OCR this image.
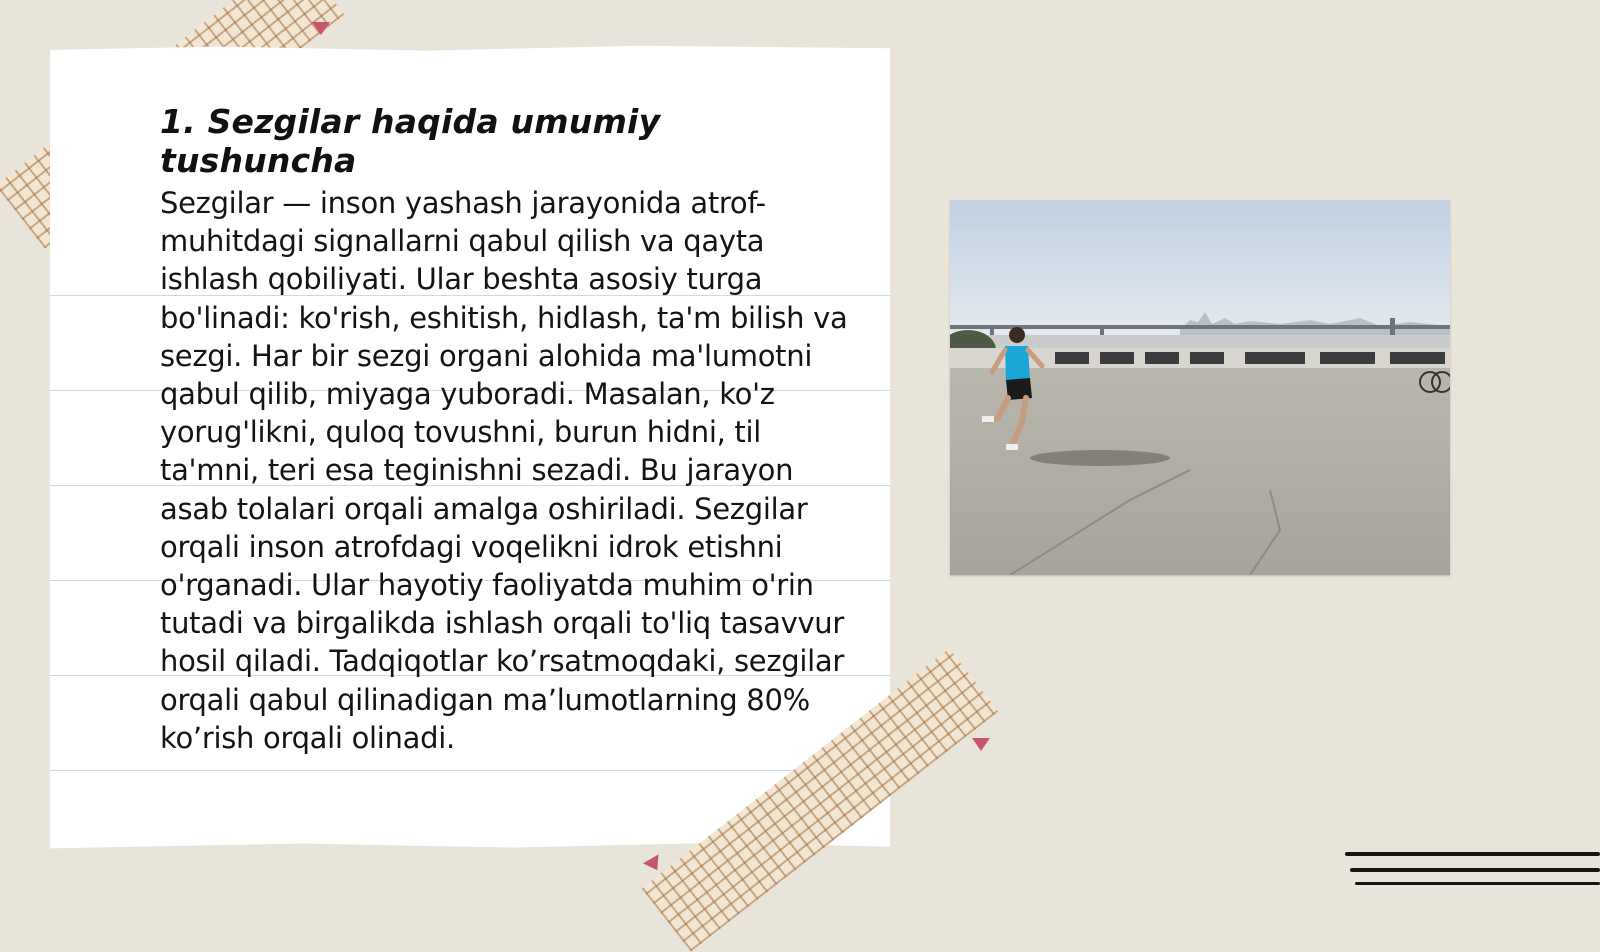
1. Sezgilar haqida umumiy tushuncha

Sezgilar — inson yashash jarayonida atrof-muhitdagi signallarni qabul qilish va qayta ishlash qobiliyati. Ular beshta asosiy turga bo'linadi: ko'rish, eshitish, hidlash, ta'm bilish va sezgi. Har bir sezgi organi alohida ma'lumotni qabul qilib, miyaga yuboradi. Masalan, ko'z yorug'likni, quloq tovushni, burun hidni, til ta'mni, teri esa teginishni sezadi. Bu jarayon asab tolalari orqali amalga oshiriladi. Sezgilar orqali inson atrofdagi voqelikni idrok etishni o'rganadi. Ular hayotiy faoliyatda muhim o'rin tutadi va birgalikda ishlash orqali to'liq tasavvur hosil qiladi. Tadqiqotlar ko’rsatmoqdaki, sezgilar orqali qabul qilinadigan ma’lumotlarning 80% ko’rish orqali olinadi.
